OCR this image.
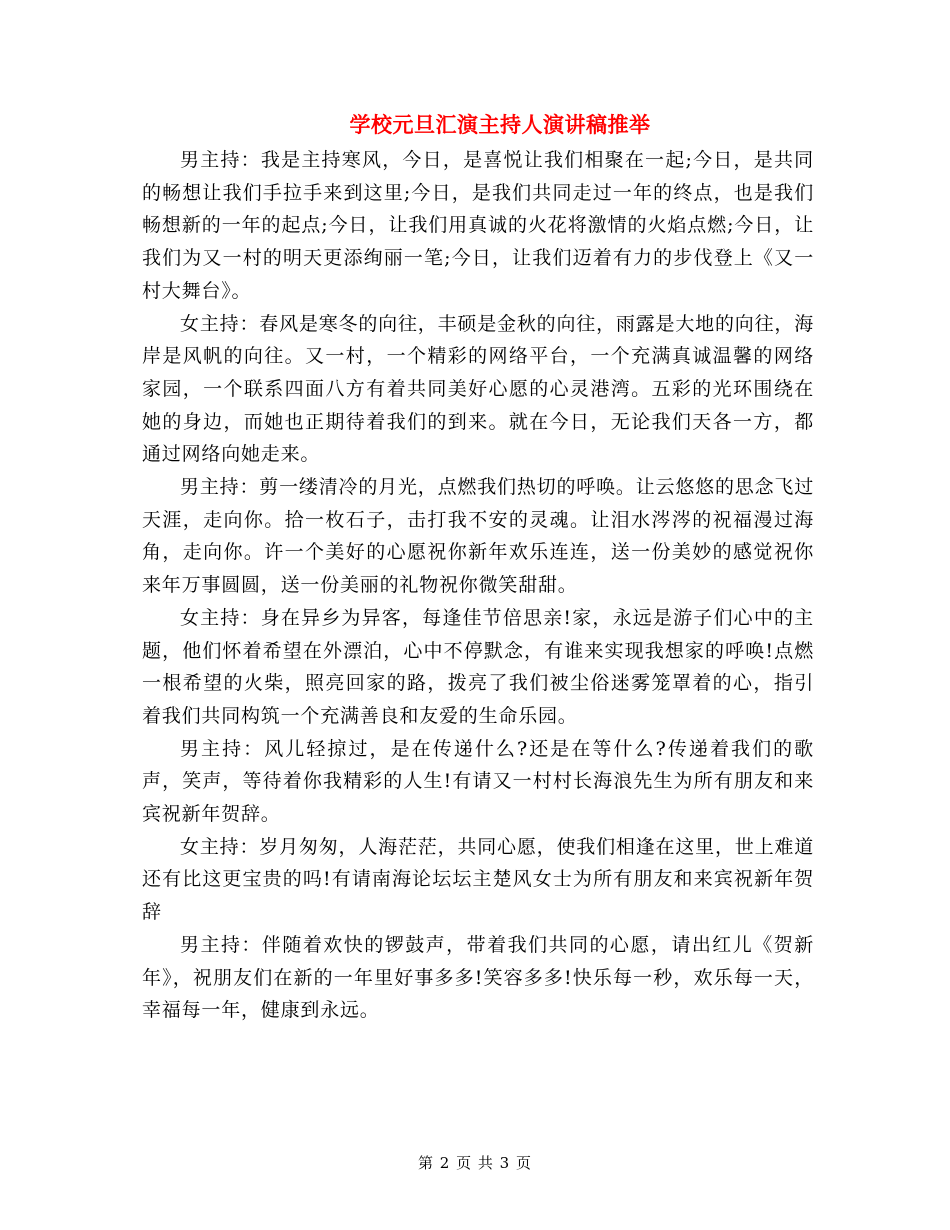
学校元旦汇演主持人演讲稿推举

男主持：我是主持寒风，今日，是喜悦让我们相聚在一起;今日，是共同的畅想让我们手拉手来到这里;今日，是我们共同走过一年的终点，也是我们畅想新的一年的起点;今日，让我们用真诚的火花将激情的火焰点燃;今日，让我们为又一村的明天更添绚丽一笔;今日，让我们迈着有力的步伐登上《又一村大舞台》。

女主持：春风是寒冬的向往，丰硕是金秋的向往，雨露是大地的向往，海岸是风帆的向往。又一村，一个精彩的网络平台，一个充满真诚温馨的网络家园，一个联系四面八方有着共同美好心愿的心灵港湾。五彩的光环围绕在她的身边，而她也正期待着我们的到来。就在今日，无论我们天各一方，都通过网络向她走来。

男主持：剪一缕清冷的月光，点燃我们热切的呼唤。让云悠悠的思念飞过天涯，走向你。拾一枚石子，击打我不安的灵魂。让泪水涔涔的祝福漫过海角，走向你。许一个美好的心愿祝你新年欢乐连连，送一份美妙的感觉祝你来年万事圆圆，送一份美丽的礼物祝你微笑甜甜。

女主持：身在异乡为异客，每逢佳节倍思亲!家，永远是游子们心中的主题，他们怀着希望在外漂泊，心中不停默念，有谁来实现我想家的呼唤!点燃一根希望的火柴，照亮回家的路，拨亮了我们被尘俗迷雾笼罩着的心，指引着我们共同构筑一个充满善良和友爱的生命乐园。

男主持：风儿轻掠过，是在传递什么?还是在等什么?传递着我们的歌声，笑声，等待着你我精彩的人生!有请又一村村长海浪先生为所有朋友和来宾祝新年贺辞。

女主持：岁月匆匆，人海茫茫，共同心愿，使我们相逢在这里，世上难道还有比这更宝贵的吗!有请南海论坛坛主楚风女士为所有朋友和来宾祝新年贺辞

男主持：伴随着欢快的锣鼓声，带着我们共同的心愿，请出红儿《贺新年》，祝朋友们在新的一年里好事多多!笑容多多!快乐每一秒，欢乐每一天，幸福每一年，健康到永远。

第 2 页 共 3 页
